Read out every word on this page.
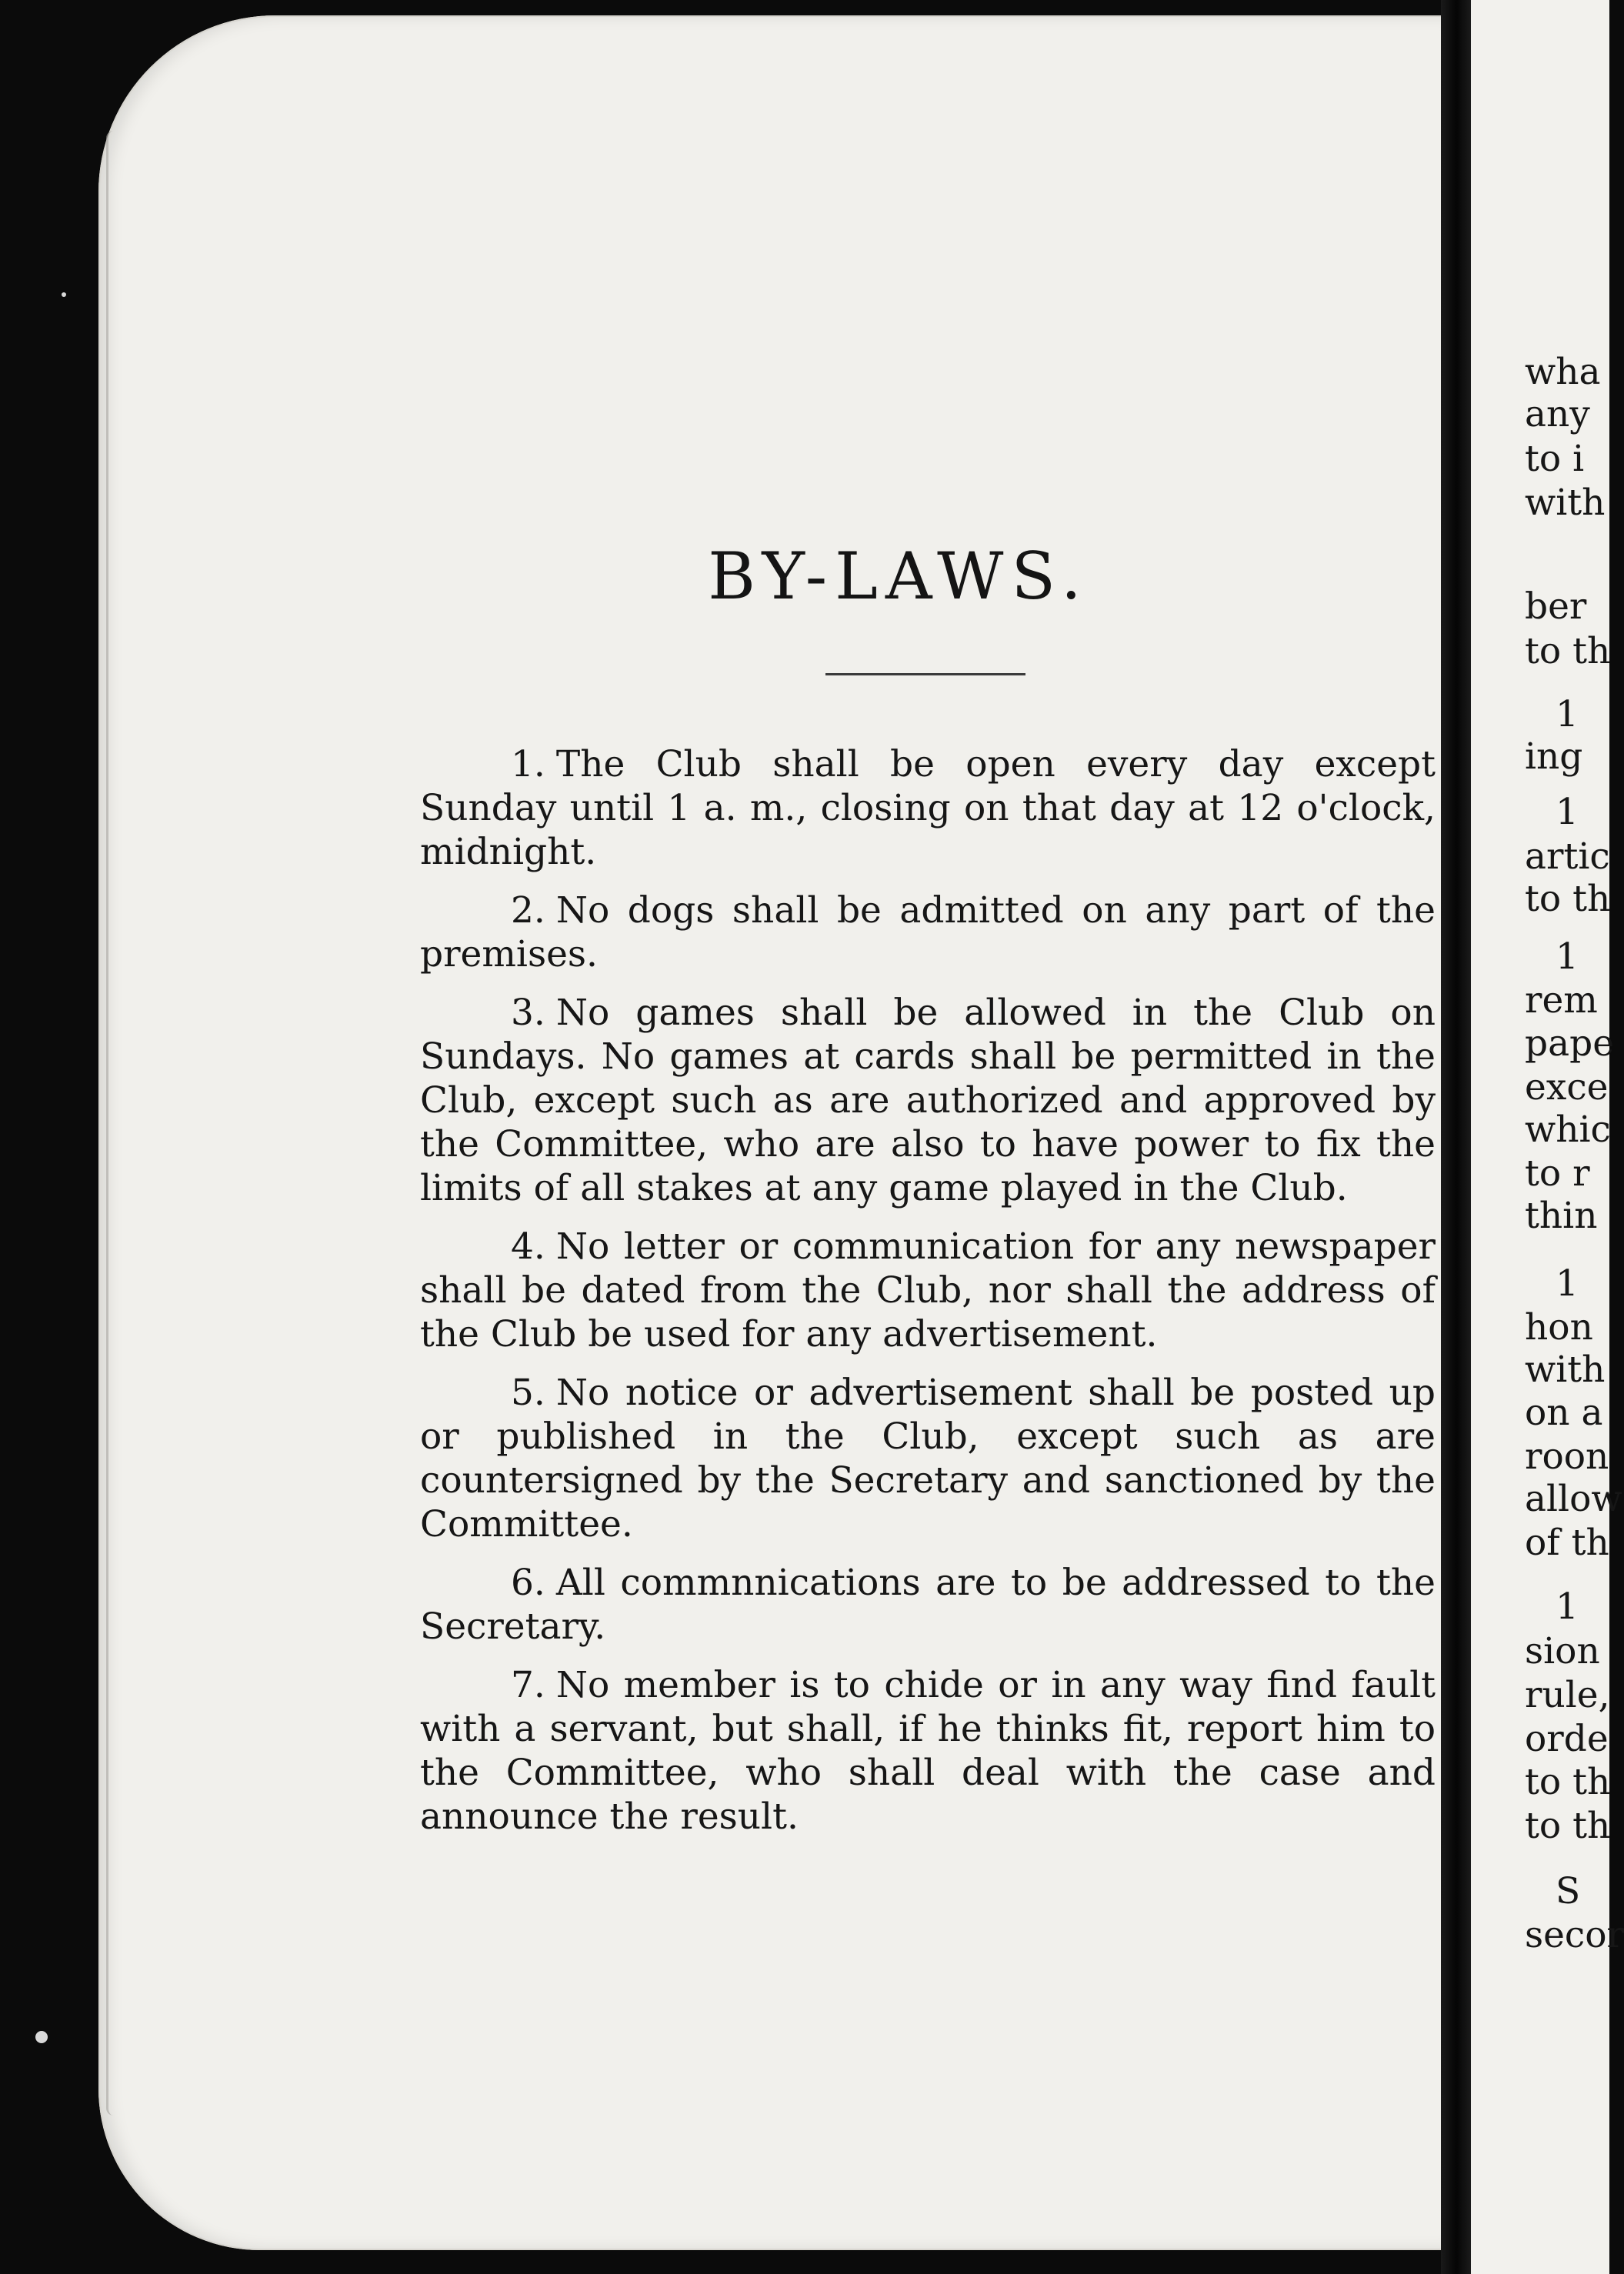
BY-LAWS.
1. The Club shall be open every day except Sunday until 1 a. m., closing on that day at 12 o'clock, midnight.
2. No dogs shall be admitted on any part of the premises.
3. No games shall be allowed in the Club on Sundays. No games at cards shall be permitted in the Club, except such as are authorized and approved by the Committee, who are also to have power to fix the limits of all stakes at any game played in the Club.
4. No letter or communication for any newspaper shall be dated from the Club, nor shall the address of the Club be used for any advertisement.
5. No notice or advertisement shall be posted up or published in the Club, except such as are countersigned by the Secretary and sanctioned by the Committee.
6. All commnnications are to be addressed to the Secretary.
7. No member is to chide or in any way find fault with a servant, but shall, if he thinks fit, report him to the Committee, who shall deal with the case and announce the result.

wha

any

to i

with

ber

to th

1

ing

1

artic

to th

1

rem

pape

exce

whic

to r

thin

1

hon

with

on a

roon

allow

of th

1

sion

rule,

orde

to th

to th

S

secor
